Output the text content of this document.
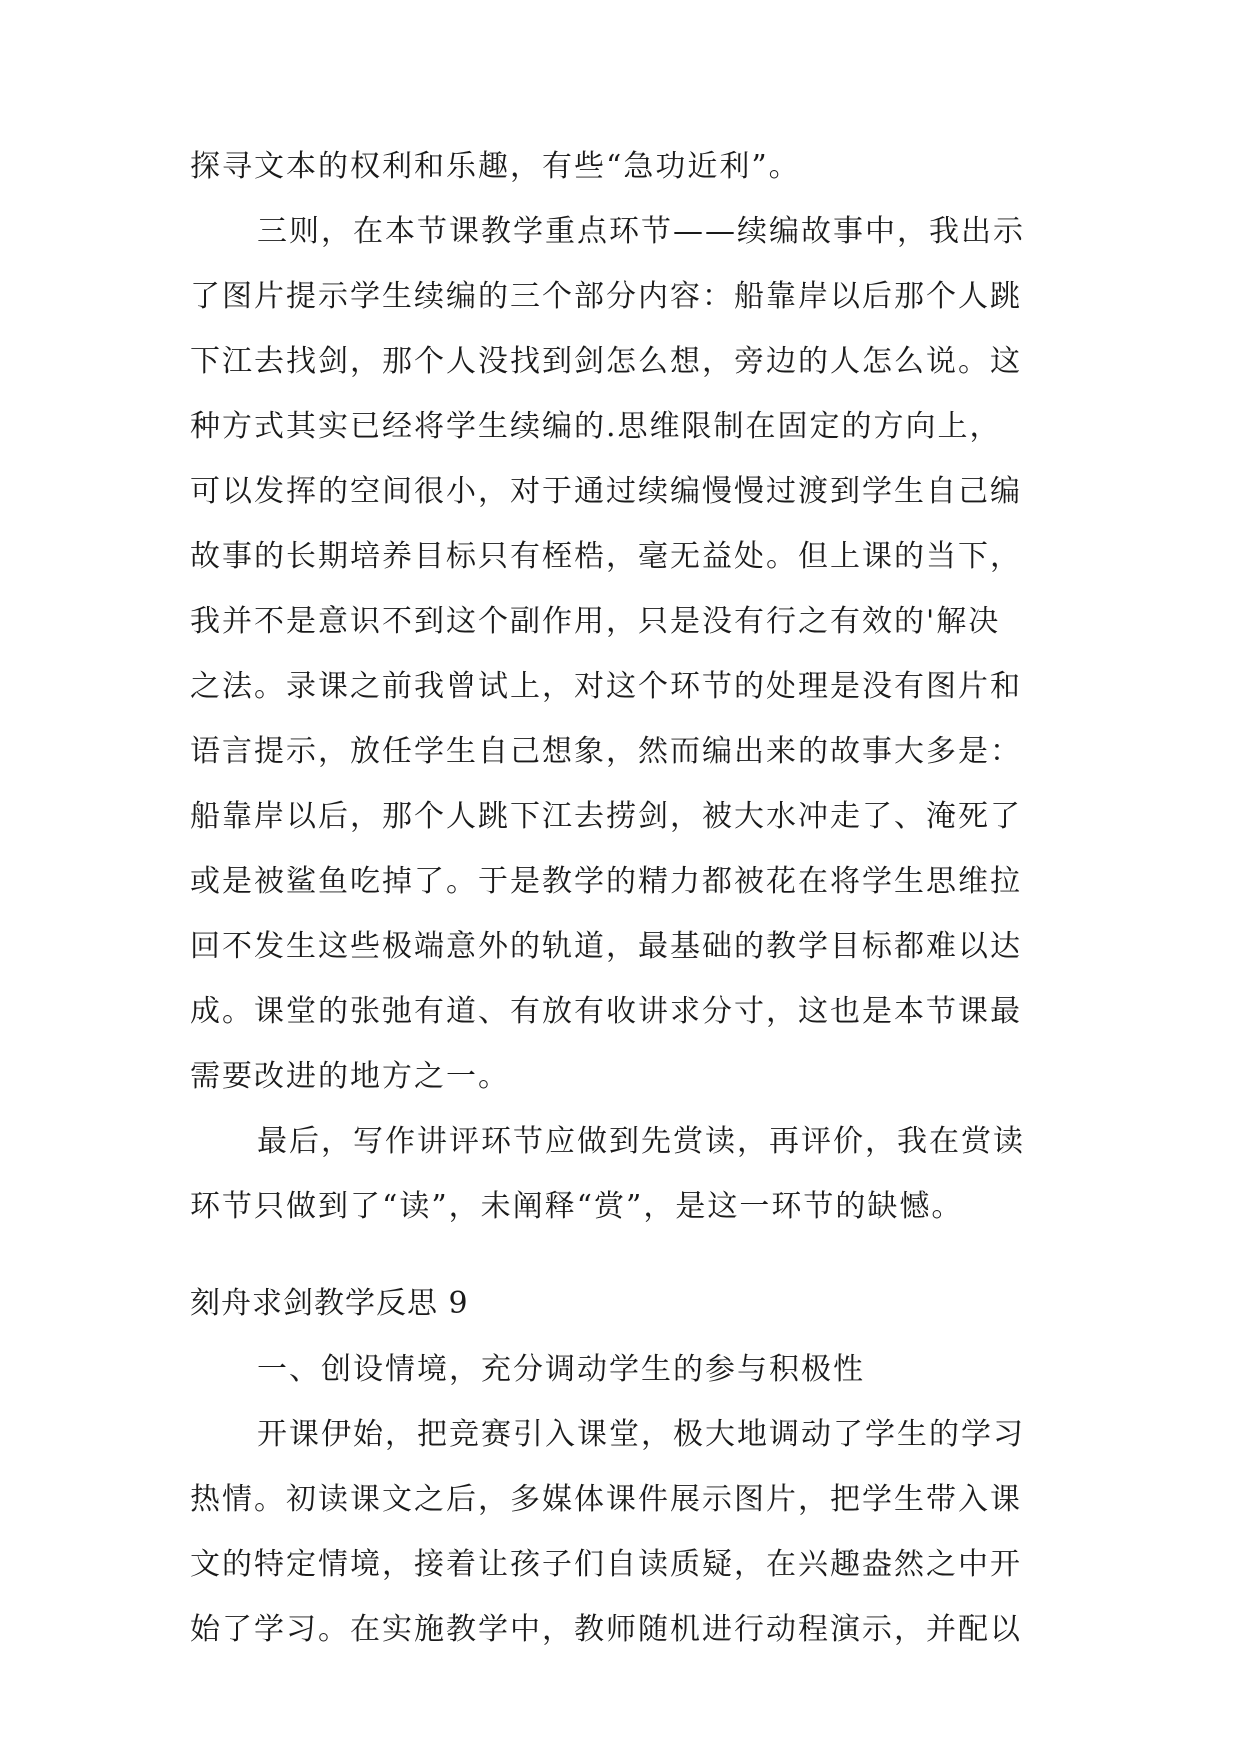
探寻文本的权利和乐趣，有些“急功近利”。
三则，在本节课教学重点环节——续编故事中，我出示
了图片提示学生续编的三个部分内容：船靠岸以后那个人跳
下江去找剑，那个人没找到剑怎么想，旁边的人怎么说。这
种方式其实已经将学生续编的.思维限制在固定的方向上，
可以发挥的空间很小，对于通过续编慢慢过渡到学生自己编
故事的长期培养目标只有桎梏，毫无益处。但上课的当下，
我并不是意识不到这个副作用，只是没有行之有效的'解决
之法。录课之前我曾试上，对这个环节的处理是没有图片和
语言提示，放任学生自己想象，然而编出来的故事大多是：
船靠岸以后，那个人跳下江去捞剑，被大水冲走了、淹死了
或是被鲨鱼吃掉了。于是教学的精力都被花在将学生思维拉
回不发生这些极端意外的轨道，最基础的教学目标都难以达
成。课堂的张弛有道、有放有收讲求分寸，这也是本节课最
需要改进的地方之一。
最后，写作讲评环节应做到先赏读，再评价，我在赏读
环节只做到了“读”，未阐释“赏”，是这一环节的缺憾。
刻舟求剑教学反思 9
一、创设情境，充分调动学生的参与积极性
开课伊始，把竞赛引入课堂，极大地调动了学生的学习
热情。初读课文之后，多媒体课件展示图片，把学生带入课
文的特定情境，接着让孩子们自读质疑，在兴趣盎然之中开
始了学习。在实施教学中，教师随机进行动程演示，并配以
